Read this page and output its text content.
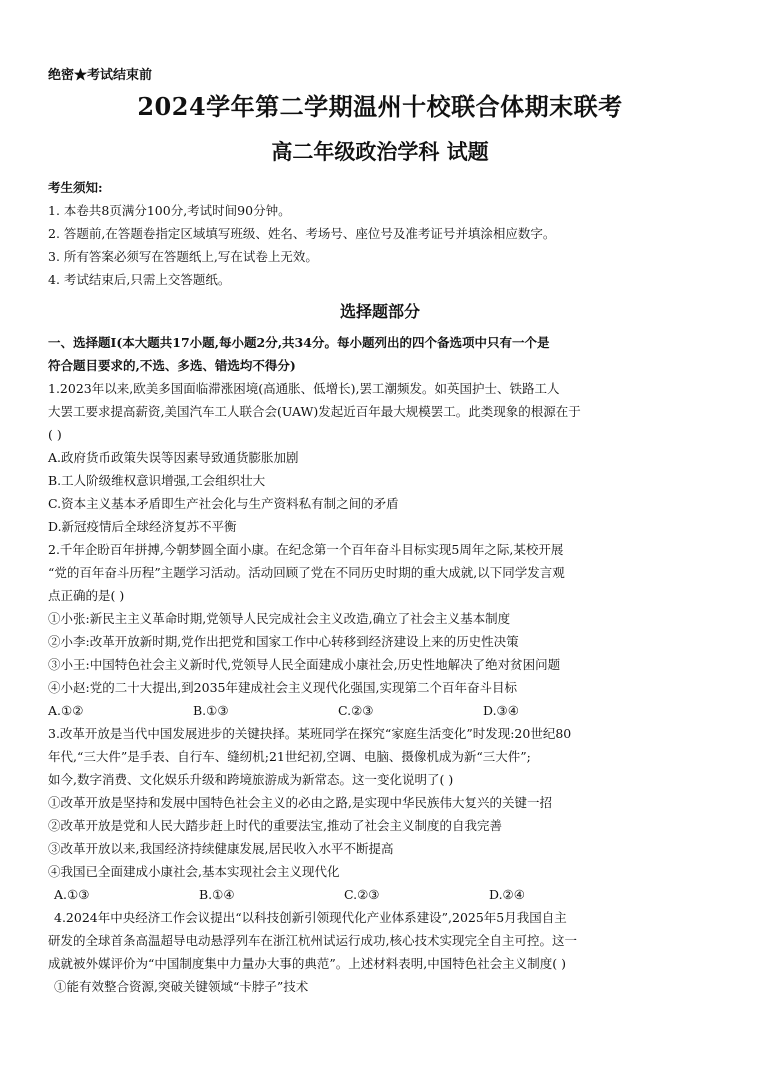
绝密★考试结束前
2024学年第二学期温州十校联合体期末联考
高二年级政治学科 试题
考生须知:
1. 本卷共8页满分100分,考试时间90分钟。
2. 答题前,在答题卷指定区域填写班级、姓名、考场号、座位号及准考证号并填涂相应数字。
3. 所有答案必须写在答题纸上,写在试卷上无效。
4. 考试结束后,只需上交答题纸。
选择题部分
一、选择题Ⅰ(本大题共17小题,每小题2分,共34分。每小题列出的四个备选项中只有一个是
符合题目要求的,不选、多选、错选均不得分)
1.2023年以来,欧美多国面临滞涨困境(高通胀、低增长),罢工潮频发。如英国护士、铁路工人
大罢工要求提高薪资,美国汽车工人联合会(UAW)发起近百年最大规模罢工。此类现象的根源在于
( )
A.政府货币政策失误等因素导致通货膨胀加剧
B.工人阶级维权意识增强,工会组织壮大
C.资本主义基本矛盾即生产社会化与生产资料私有制之间的矛盾
D.新冠疫情后全球经济复苏不平衡
2.千年企盼百年拼搏,今朝梦圆全面小康。在纪念第一个百年奋斗目标实现5周年之际,某校开展
“党的百年奋斗历程”主题学习活动。活动回顾了党在不同历史时期的重大成就,以下同学发言观
点正确的是( )
①小张:新民主主义革命时期,党领导人民完成社会主义改造,确立了社会主义基本制度
②小李:改革开放新时期,党作出把党和国家工作中心转移到经济建设上来的历史性决策
③小王:中国特色社会主义新时代,党领导人民全面建成小康社会,历史性地解决了绝对贫困问题
④小赵:党的二十大提出,到2035年建成社会主义现代化强国,实现第二个百年奋斗目标
A.①②	B.①③	C.②③	D.③④
3.改革开放是当代中国发展进步的关键抉择。某班同学在探究“家庭生活变化”时发现:20世纪80
年代,“三大件”是手表、自行车、缝纫机;21世纪初,空调、电脑、摄像机成为新“三大件”;
如今,数字消费、文化娱乐升级和跨境旅游成为新常态。这一变化说明了( )
①改革开放是坚持和发展中国特色社会主义的必由之路,是实现中华民族伟大复兴的关键一招
②改革开放是党和人民大踏步赶上时代的重要法宝,推动了社会主义制度的自我完善
③改革开放以来,我国经济持续健康发展,居民收入水平不断提高
④我国已全面建成小康社会,基本实现社会主义现代化
A.①③	B.①④	C.②③	D.②④
4.2024年中央经济工作会议提出“以科技创新引领现代化产业体系建设”,2025年5月我国自主
研发的全球首条高温超导电动悬浮列车在浙江杭州试运行成功,核心技术实现完全自主可控。这一
成就被外媒评价为“中国制度集中力量办大事的典范”。上述材料表明,中国特色社会主义制度( )
①能有效整合资源,突破关键领域“卡脖子”技术
